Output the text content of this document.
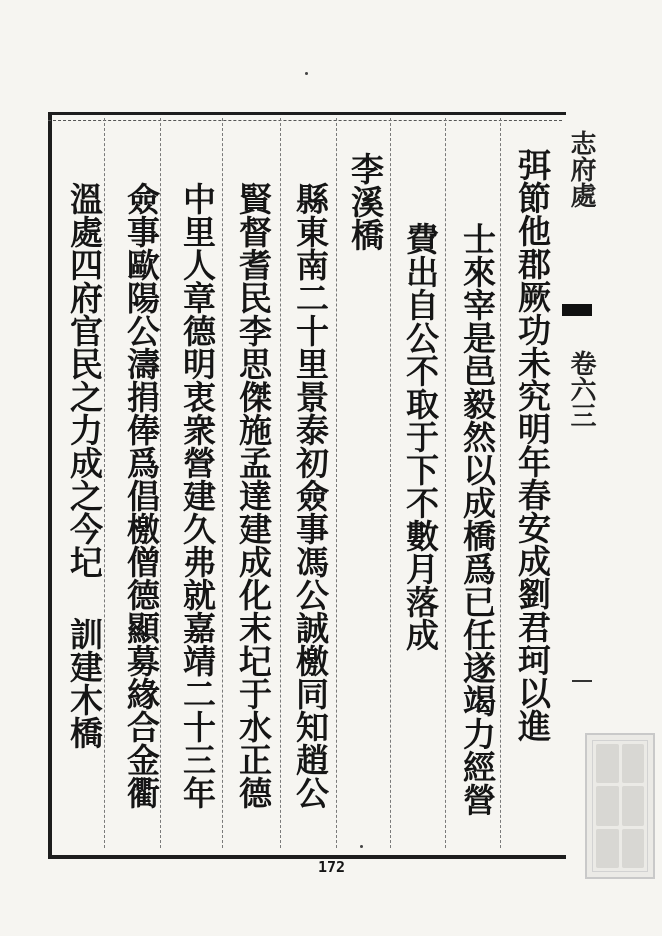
志府處
卷六三
弭節他郡厥功未究明年春安成劉君珂以進
士來宰是邑毅然以成橋爲已任遂竭力經營
費出自公不取于下不數月落成
李溪橋
縣東南二十里景泰初僉事馮公誠檄同知趙公
賢督耆民李思傑施孟達建成化末圮于水正德
中里人章德明衷衆營建久弗就嘉靖二十三年
僉事歐陽公濤捐俸爲倡檄僧德顯募緣合金衢
溫處四府官民之力成之今圮 訓建木橋
172
